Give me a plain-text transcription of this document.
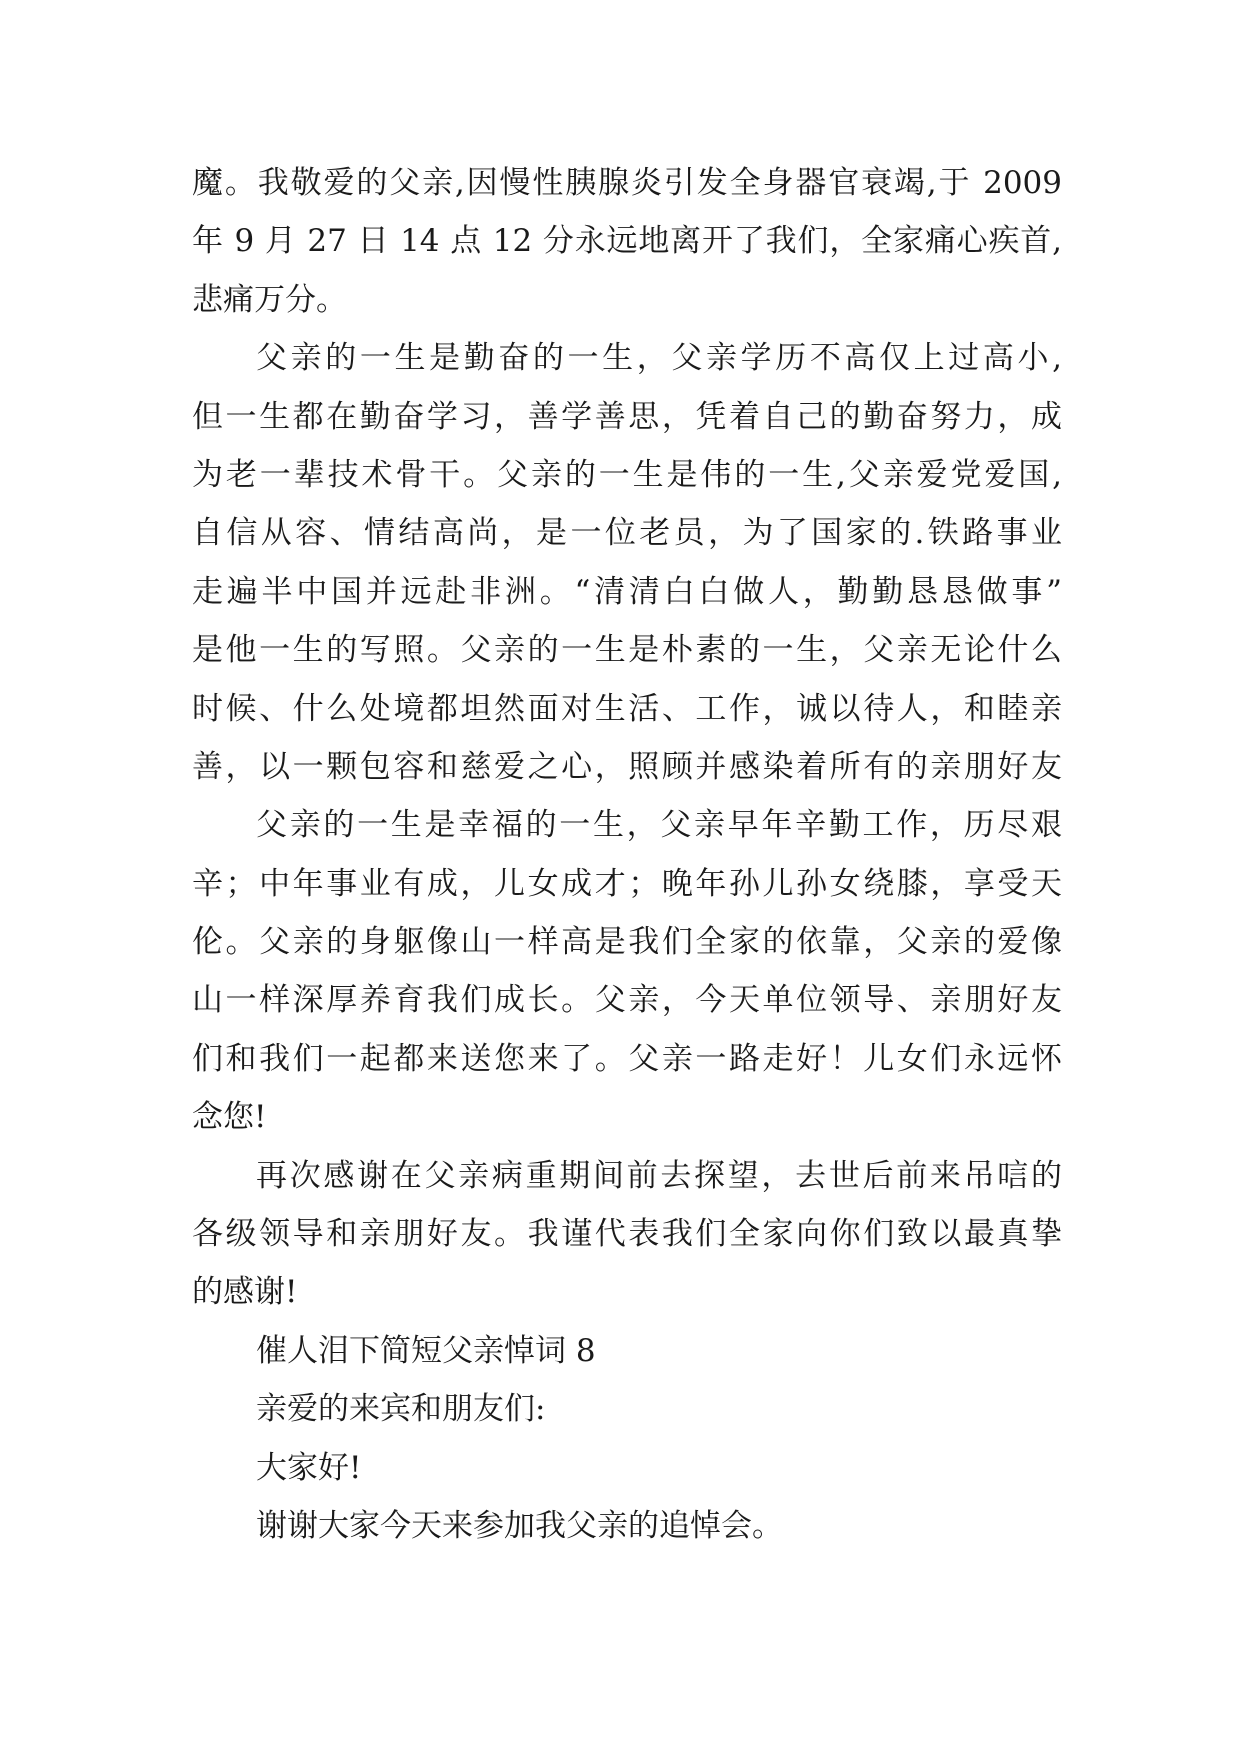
魔。我敬爱的父亲,因慢性胰腺炎引发全身器官衰竭,于 2009
年 9 月 27 日 14 点 12 分永远地离开了我们，全家痛心疾首,
悲痛万分。
父亲的一生是勤奋的一生，父亲学历不高仅上过高小,
但一生都在勤奋学习，善学善思，凭着自己的勤奋努力，成
为老一辈技术骨干。父亲的一生是伟的一生,父亲爱党爱国,
自信从容、情结高尚，是一位老员，为了国家的.铁路事业
走遍半中国并远赴非洲。“清清白白做人，勤勤恳恳做事”
是他一生的写照。父亲的一生是朴素的一生，父亲无论什么
时候、什么处境都坦然面对生活、工作，诚以待人，和睦亲
善，以一颗包容和慈爱之心，照顾并感染着所有的亲朋好友
父亲的一生是幸福的一生，父亲早年辛勤工作，历尽艰
辛；中年事业有成，儿女成才；晚年孙儿孙女绕膝，享受天
伦。父亲的身躯像山一样高是我们全家的依靠，父亲的爱像
山一样深厚养育我们成长。父亲，今天单位领导、亲朋好友
们和我们一起都来送您来了。父亲一路走好！儿女们永远怀
念您!
再次感谢在父亲病重期间前去探望，去世后前来吊唁的
各级领导和亲朋好友。我谨代表我们全家向你们致以最真挚
的感谢!
催人泪下简短父亲悼词 8
亲爱的来宾和朋友们:
大家好!
谢谢大家今天来参加我父亲的追悼会。
